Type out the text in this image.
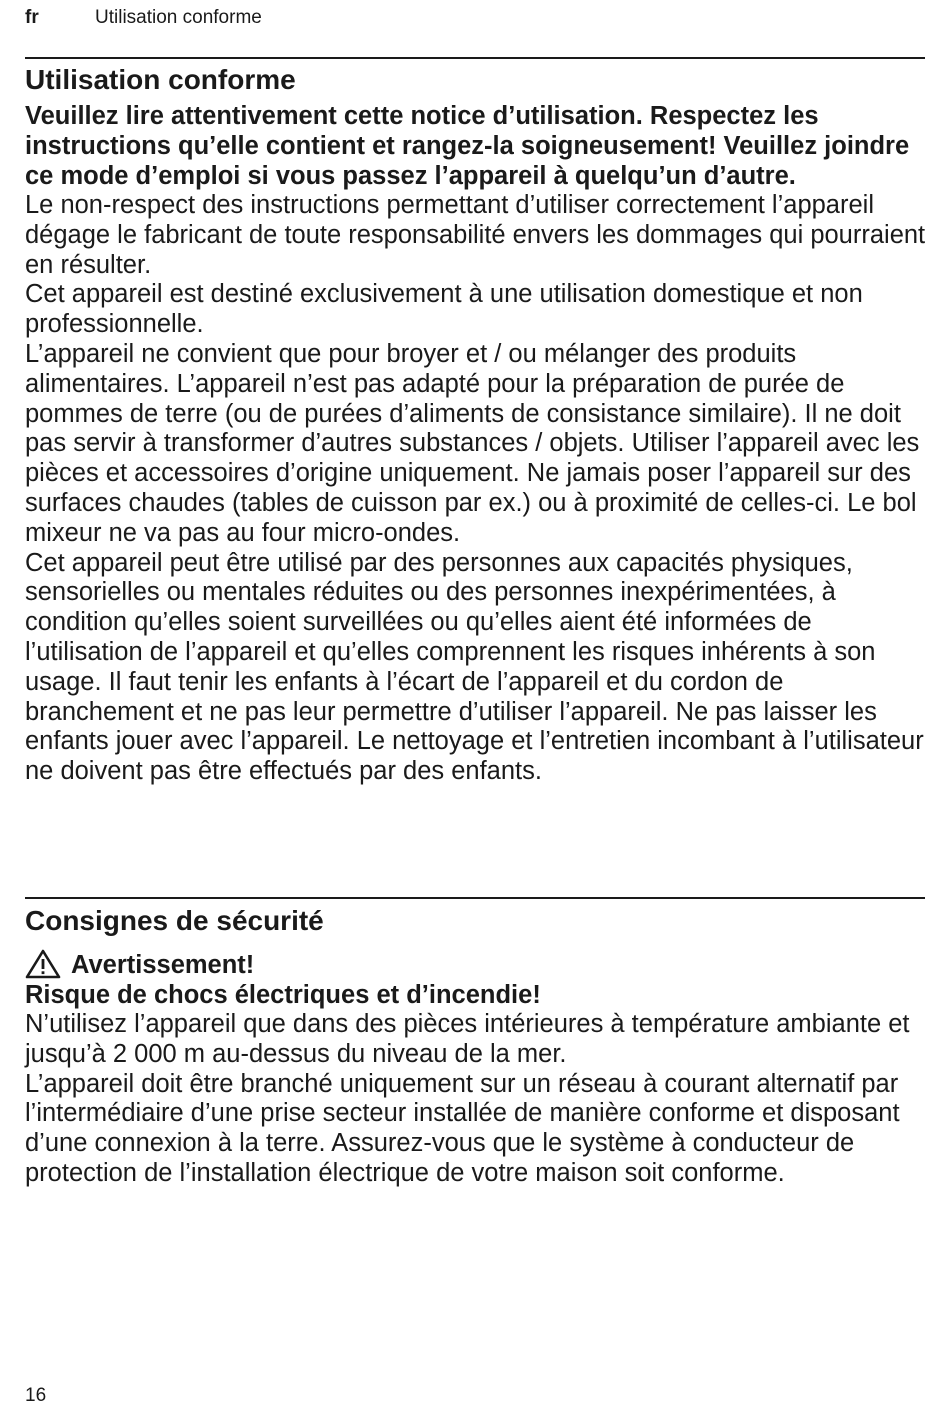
fr	Utilisation conforme
Utilisation conforme

Veuillez lire attentivement cette notice d’utilisation. Respectez les instructions qu’elle contient et rangez-la soigneusement! Veuillez joindre ce mode d’emploi si vous passez l’appareil à quelqu’un d’autre.

Le non-respect des instructions permettant d’utiliser correctement l’appareil dégage le fabricant de toute responsabilité envers les dommages qui pourraient en résulter.

Cet appareil est destiné exclusivement à une utilisation domestique et non professionnelle.

L’appareil ne convient que pour broyer et / ou mélanger des produits alimentaires. L’appareil n’est pas adapté pour la préparation de purée de pommes de terre (ou de purées d’aliments de consistance similaire). Il ne doit pas servir à transformer d’autres substances / objets. Utiliser l’appareil avec les pièces et accessoires d’origine uniquement. Ne jamais poser l’appareil sur des surfaces chaudes (tables de cuisson par ex.) ou à proximité de celles-ci. Le bol mixeur ne va pas au four micro-ondes.

Cet appareil peut être utilisé par des personnes aux capacités physiques, sensorielles ou mentales réduites ou des personnes inexpérimentées, à condition qu’elles soient surveillées ou qu’elles aient été informées de l’utilisation de l’appareil et qu’elles comprennent les risques inhérents à son usage. Il faut tenir les enfants à l’écart de l’appareil et du cordon de branchement et ne pas leur permettre d’utiliser l’appareil. Ne pas laisser les enfants jouer avec l’appareil. Le nettoyage et l’entretien incombant à l’utilisateur ne doivent pas être effectués par des enfants.

Consignes de sécurité
Avertissement!
Risque de chocs électriques et d’incendie!

N’utilisez l’appareil que dans des pièces intérieures à température ambiante et jusqu’à 2 000 m au-dessus du niveau de la mer.

L’appareil doit être branché uniquement sur un réseau à courant alternatif par l’intermédiaire d’une prise secteur installée de manière conforme et disposant d’une connexion à la terre. Assurez-vous que le système à conducteur de protection de l’installation électrique de votre maison soit conforme.

16
